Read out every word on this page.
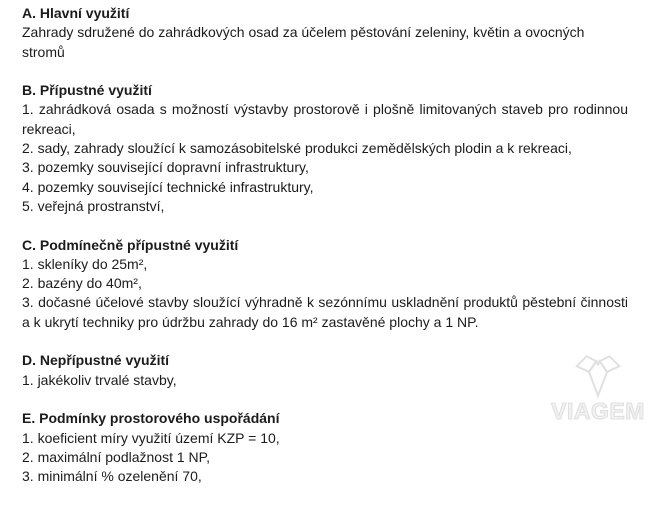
A. Hlavní využití

Zahrady sdružené do zahrádkových osad za účelem pěstování zeleniny, květin a ovocných stromů

B. Přípustné využití

1. zahrádková osada s možností výstavby prostorově i plošně limitovaných staveb pro rodinnou rekreaci,

2. sady, zahrady sloužící k samozásobitelské produkci zemědělských plodin a k rekreaci,

3. pozemky související dopravní infrastruktury,

4. pozemky související technické infrastruktury,

5. veřejná prostranství,

C. Podmínečně přípustné využití

1. skleníky do 25m²,

2. bazény do 40m²,

3. dočasné účelové stavby sloužící výhradně k sezónnímu uskladnění produktů pěstební činnosti a k ukrytí techniky pro údržbu zahrady do 16 m² zastavěné plochy a 1 NP.

D. Nepřípustné využití

1. jakékoliv trvalé stavby,

E. Podmínky prostorového uspořádání

1. koeficient míry využití území KZP = 10,

2. maximální podlažnost 1 NP,

3. minimální % ozelenění 70,

VIAGEM
